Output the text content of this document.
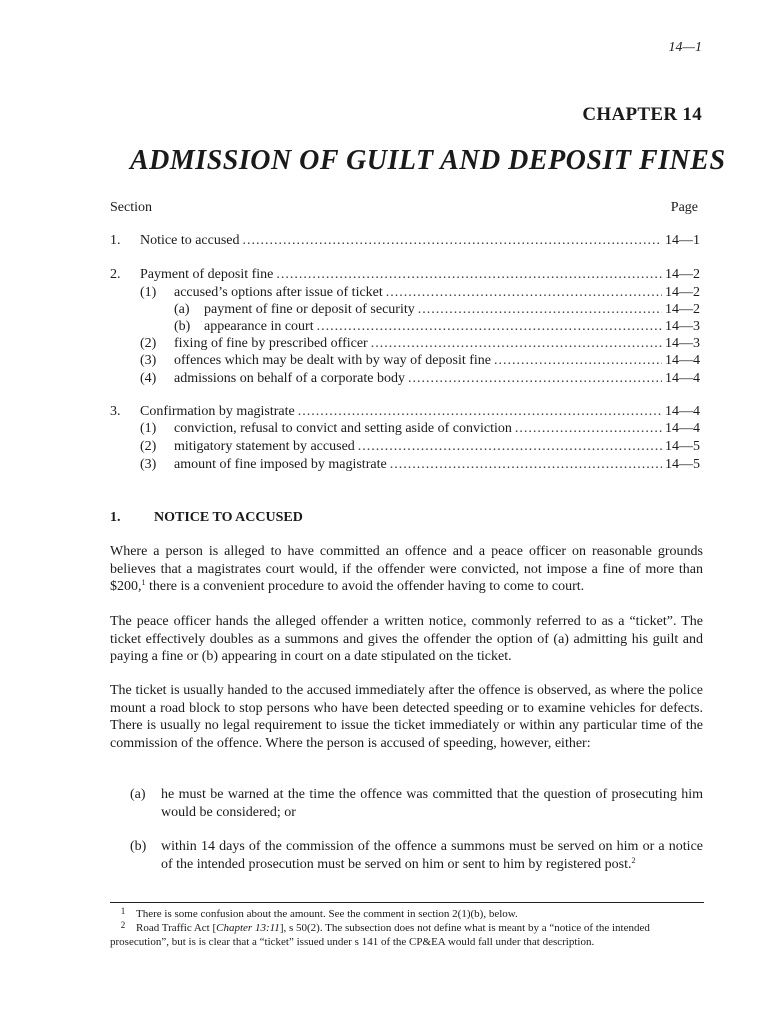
14—1
CHAPTER 14
ADMISSION OF GUILT AND DEPOSIT FINES
Section	Page
1.	Notice to accused .....	14—1
2.	Payment of deposit fine .....	14—2
(1)	accused’s options after issue of ticket .....	14—2
(a)	payment of fine or deposit of security .....	14—2
(b) appearance in court .....	14—3
(2)	fixing of fine by prescribed officer .....	14—3
(3)	offences which may be dealt with by way of deposit fine .....	14—4
(4)	admissions on behalf of a corporate body .....	14—4
3.	Confirmation by magistrate .....	14—4
(1)	conviction, refusal to convict and setting aside of conviction .....	14—4
(2)	mitigatory statement by accused .....	14—5
(3)	amount of fine imposed by magistrate .....	14—5
1. NOTICE TO ACCUSED
Where a person is alleged to have committed an offence and a peace officer on reasonable grounds believes that a magistrates court would, if the offender were convicted, not impose a fine of more than $200,$^1$ there is a convenient procedure to avoid the offender having to come to court.
The peace officer hands the alleged offender a written notice, commonly referred to as a “ticket”. The ticket effectively doubles as a summons and gives the offender the option of (a) admitting his guilt and paying a fine or (b) appearing in court on a date stipulated on the ticket.
The ticket is usually handed to the accused immediately after the offence is observed, as where the police mount a road block to stop persons who have been detected speeding or to examine vehicles for defects. There is usually no legal requirement to issue the ticket immediately or within any particular time of the commission of the offence. Where the person is accused of speeding, however, either:
(a)	he must be warned at the time the offence was committed that the question of prosecuting him would be considered; or
(b)	within 14 days of the commission of the offence a summons must be served on him or a notice of the intended prosecution must be served on him or sent to him by registered post.$^2$
1 There is some confusion about the amount. See the comment in section 2(1)(b), below.
2 Road Traffic Act [Chapter 13:11], s 50(2). The subsection does not define what is meant by a “notice of the intended prosecution”, but is is clear that a “ticket” issued under s 141 of the CP&EA would fall under that description.
